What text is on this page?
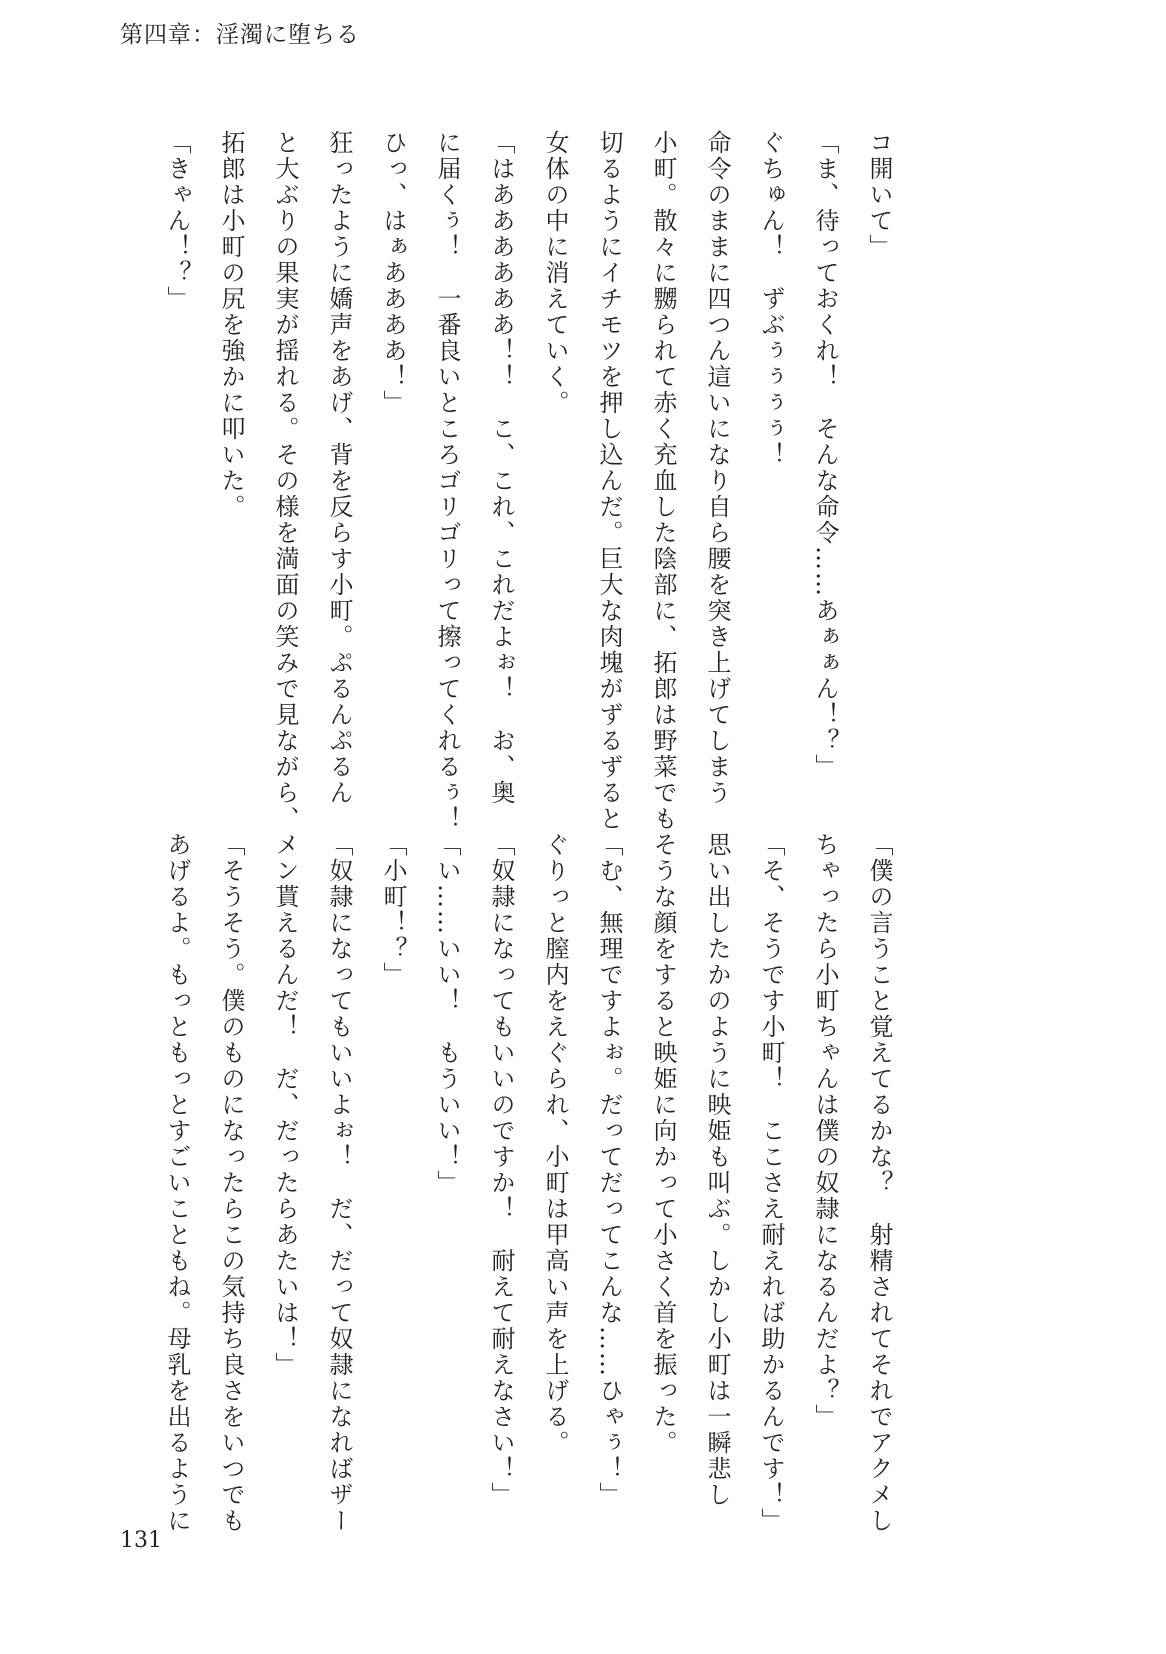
第四章：淫濁に堕ちる
コ開いて」
「ま、待っておくれ！　そんな命令……あぁぁん！？」
ぐちゅん！　ずぶぅぅぅぅ！
命令のままに四つん這いになり自ら腰を突き上げてしまう
小町。散々に嬲られて赤く充血した陰部に、拓郎は野菜でも
切るようにイチモツを押し込んだ。巨大な肉塊がずるずると
女体の中に消えていく。
「はああああああ！！　こ、これ、これだよぉ！　お、奥
に届くぅ！　一番良いところゴリゴリって擦ってくれるぅ！
ひっ、はぁああああ！」
狂ったように嬌声をあげ、背を反らす小町。ぷるんぷるん
と大ぶりの果実が揺れる。その様を満面の笑みで見ながら、
拓郎は小町の尻を強かに叩いた。
「きゃん！？」
「僕の言うこと覚えてるかな？　射精されてそれでアクメし
ちゃったら小町ちゃんは僕の奴隷になるんだよ？」
「そ、そうです小町！　ここさえ耐えれば助かるんです！」
思い出したかのように映姫も叫ぶ。しかし小町は一瞬悲し
そうな顔をすると映姫に向かって小さく首を振った。
「む、無理ですよぉ。だってだってこんな……ひゃぅ！」
ぐりっと膣内をえぐられ、小町は甲高い声を上げる。
「奴隷になってもいいのですか！　耐えて耐えなさい！」
「い……いい！　もういい！」
「小町！？」
「奴隷になってもいいよぉ！　だ、だって奴隷になればザー
メン貰えるんだ！　だ、だったらあたいは！」
「そうそう。僕のものになったらこの気持ち良さをいつでも
あげるよ。もっともっとすごいこともね。母乳を出るように
131
